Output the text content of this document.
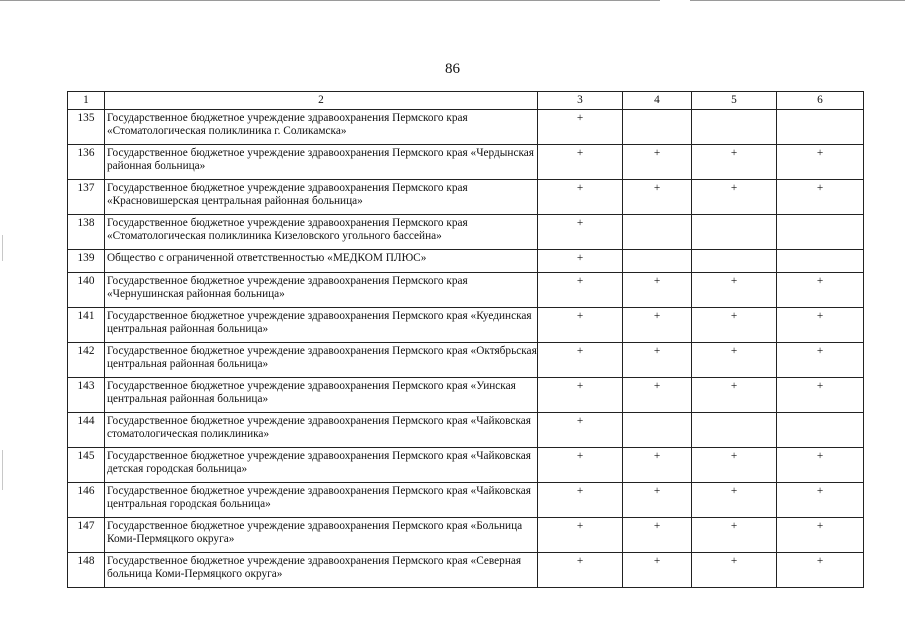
86
1	2	3	4	5	6
135	Государственное бюджетное учреждение здравоохранения Пермского края «Стоматологическая поликлиника г. Соликамска»	+			
136	Государственное бюджетное учреждение здравоохранения Пермского края «Чердынская районная больница»	+	+	+	+
137	Государственное бюджетное учреждение здравоохранения Пермского края «Красновишерская центральная районная больница»	+	+	+	+
138	Государственное бюджетное учреждение здравоохранения Пермского края «Стоматологическая поликлиника Кизеловского угольного бассейна»	+			
139	Общество с ограниченной ответственностью «МЕДКОМ ПЛЮС»	+			
140	Государственное бюджетное учреждение здравоохранения Пермского края «Чернушинская районная больница»	+	+	+	+
141	Государственное бюджетное учреждение здравоохранения Пермского края «Куединская центральная районная больница»	+	+	+	+
142	Государственное бюджетное учреждение здравоохранения Пермского края «Октябрьская центральная районная больница»	+	+	+	+
143	Государственное бюджетное учреждение здравоохранения Пермского края «Уинская центральная районная больница»	+	+	+	+
144	Государственное бюджетное учреждение здравоохранения Пермского края «Чайковская стоматологическая поликлиника»	+			
145	Государственное бюджетное учреждение здравоохранения Пермского края «Чайковская детская городская больница»	+	+	+	+
146	Государственное бюджетное учреждение здравоохранения Пермского края «Чайковская центральная городская больница»	+	+	+	+
147	Государственное бюджетное учреждение здравоохранения Пермского края «Больница Коми-Пермяцкого округа»	+	+	+	+
148	Государственное бюджетное учреждение здравоохранения Пермского края «Северная больница Коми-Пермяцкого округа»	+	+	+	+
